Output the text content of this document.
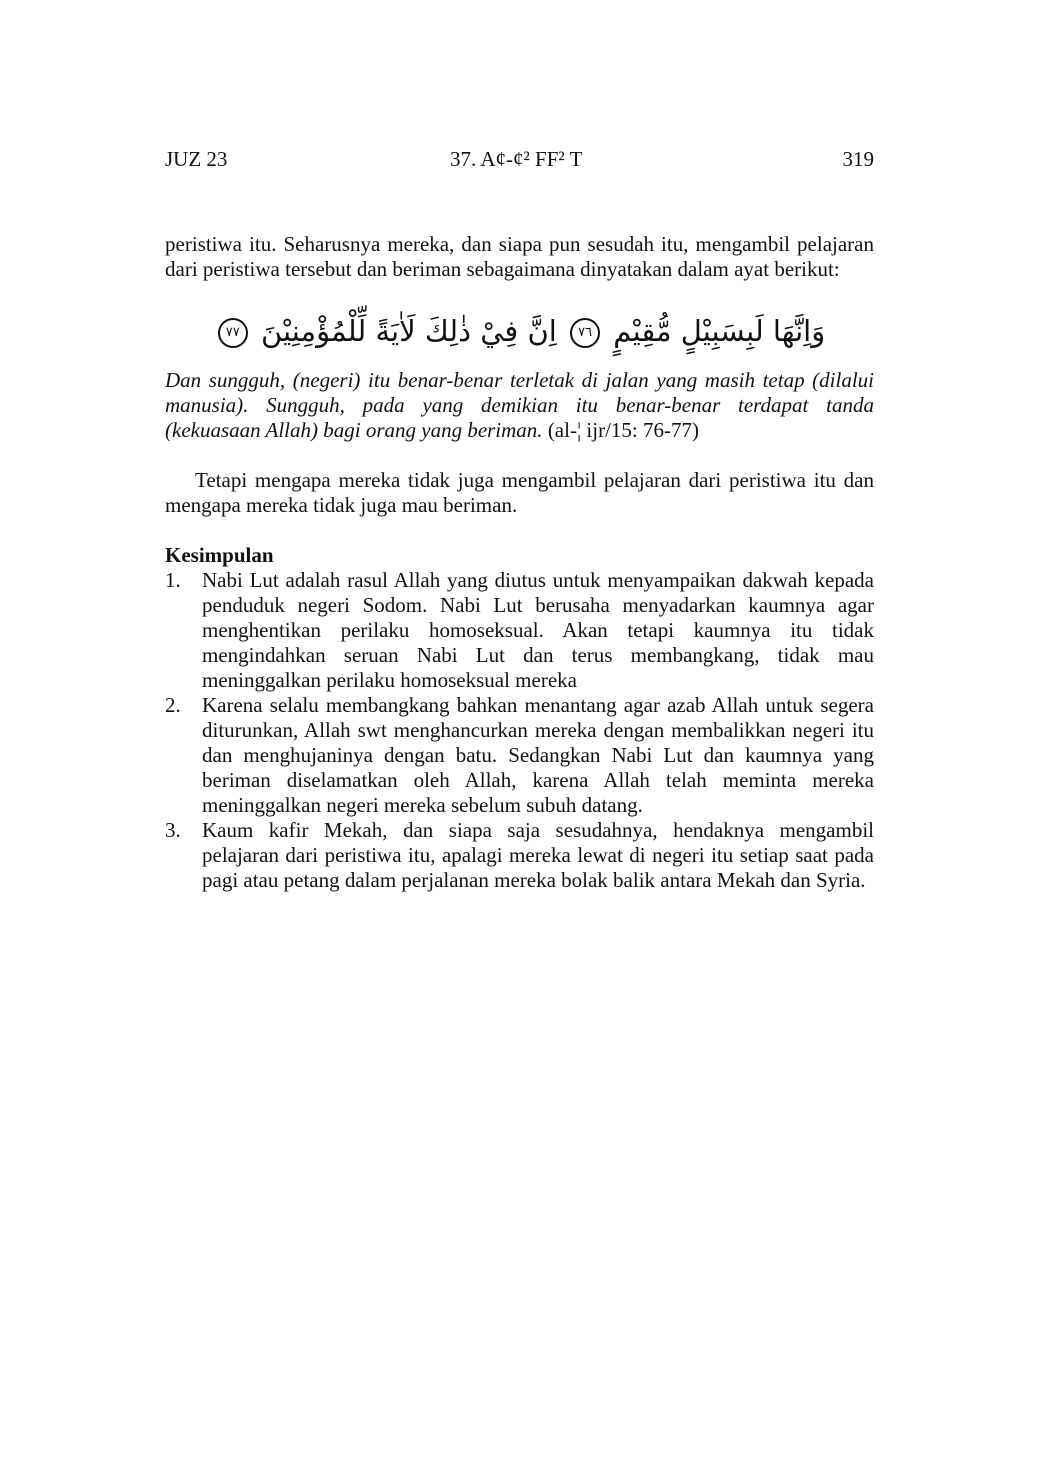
JUZ 23	37. A¢-¢² FF² T	319

peristiwa itu. Seharusnya mereka, dan siapa pun sesudah itu, mengambil pelajaran dari peristiwa tersebut dan beriman sebagaimana dinyatakan dalam ayat berikut:

وَاِنَّهَا لَبِسَبِيْلٍ مُّقِيْمٍ ٧٦ اِنَّ فِيْ ذٰلِكَ لَاٰيَةً لِّلْمُؤْمِنِيْنَ ٧٧

Dan sungguh, (negeri) itu benar-benar terletak di jalan yang masih tetap (dilalui manusia). Sungguh, pada yang demikian itu benar-benar terdapat tanda (kekuasaan Allah) bagi orang yang beriman. (al-¦ ijr/15: 76-77)

Tetapi mengapa mereka tidak juga mengambil pelajaran dari peristiwa itu dan mengapa mereka tidak juga mau beriman.

Kesimpulan

1. Nabi Lut adalah rasul Allah yang diutus untuk menyampaikan dakwah kepada penduduk negeri Sodom. Nabi Lut berusaha menyadarkan kaumnya agar menghentikan perilaku homoseksual. Akan tetapi kaumnya itu tidak mengindahkan seruan Nabi Lut dan terus membangkang, tidak mau meninggalkan perilaku homoseksual mereka
2. Karena selalu membangkang bahkan menantang agar azab Allah untuk segera diturunkan, Allah swt menghancurkan mereka dengan membalikkan negeri itu dan menghujaninya dengan batu. Sedangkan Nabi Lut dan kaumnya yang beriman diselamatkan oleh Allah, karena Allah telah meminta mereka meninggalkan negeri mereka sebelum subuh datang.
3. Kaum kafir Mekah, dan siapa saja sesudahnya, hendaknya mengambil pelajaran dari peristiwa itu, apalagi mereka lewat di negeri itu setiap saat pada pagi atau petang dalam perjalanan mereka bolak balik antara Mekah dan Syria.
